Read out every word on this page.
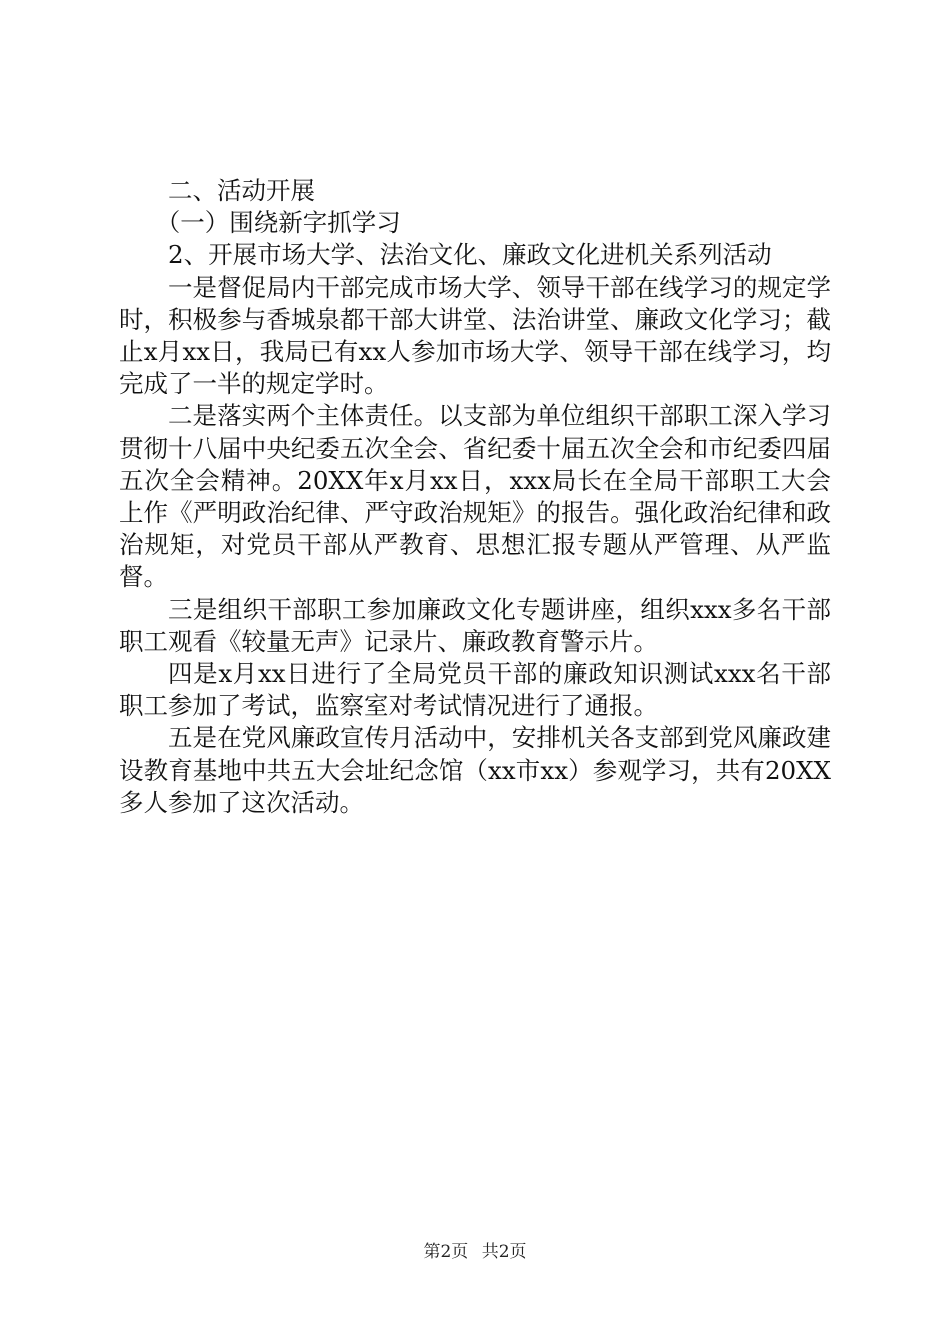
二、活动开展

（一）围绕新字抓学习

2、开展市场大学、法治文化、廉政文化进机关系列活动

一是督促局内干部完成市场大学、领导干部在线学习的规定学时，积极参与香城泉都干部大讲堂、法治讲堂、廉政文化学习；截止x月xx日，我局已有xx人参加市场大学、领导干部在线学习，均完成了一半的规定学时。

二是落实两个主体责任。以支部为单位组织干部职工深入学习贯彻十八届中央纪委五次全会、省纪委十届五次全会和市纪委四届五次全会精神。20XX年x月xx日，xxx局长在全局干部职工大会上作《严明政治纪律、严守政治规矩》的报告。强化政治纪律和政治规矩，对党员干部从严教育、思想汇报专题从严管理、从严监督。

三是组织干部职工参加廉政文化专题讲座，组织xxx多名干部职工观看《较量无声》记录片、廉政教育警示片。

四是x月xx日进行了全局党员干部的廉政知识测试xxx名干部职工参加了考试，监察室对考试情况进行了通报。

五是在党风廉政宣传月活动中，安排机关各支部到党风廉政建设教育基地中共五大会址纪念馆（xx市xx）参观学习，共有20XX多人参加了这次活动。

第2页 共2页
